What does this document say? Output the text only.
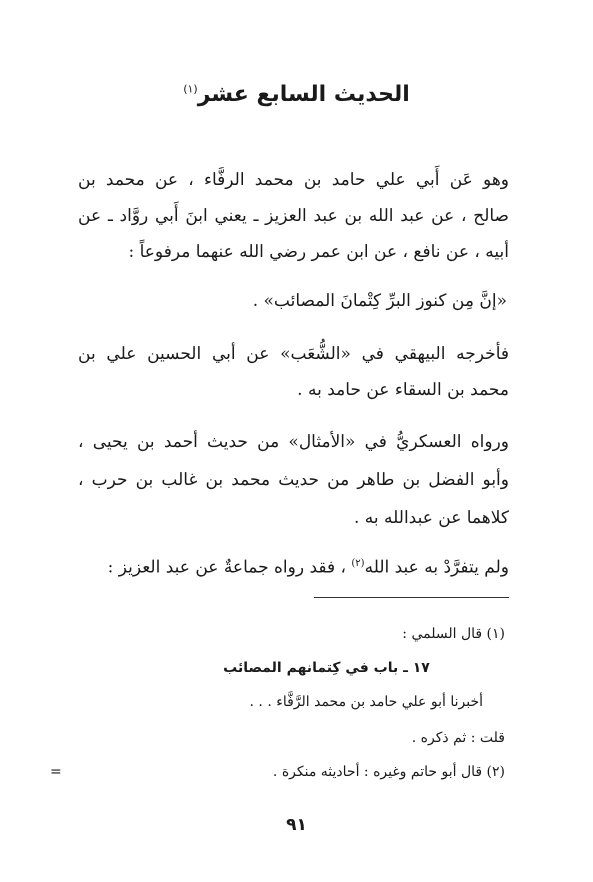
الحديث السابع عشر$^{(١)}$
وهو عَن أَبي علي حامد بن محمد الرفَّاء ، عن محمد بن
صالح ، عن عبد الله بن عبد العزيز ـ يعني ابنَ أَبي روَّاد ـ عن
أبيه ، عن نافع ، عن ابن عمر رضي الله عنهما مرفوعاً :
«إنَّ مِن كنوز البرِّ كِتْمانَ المصائب» .
فأخرجه البيهقي في «الشُّعَب» عن أبي الحسين علي بن
محمد بن السقاء عن حامد به .
ورواه العسكريُّ في «الأمثال» من حديث أحمد بن يحيى ،
وأبو الفضل بن طاهر من حديث محمد بن غالب بن حرب ،
كلاهما عن عبدالله به .
ولم يتفرَّدْ به عبد الله$^{(٢)}$ ، فقد رواه جماعةٌ عن عبد العزيز :
(١) قال السلمي :
١٧ ـ باب في كِتمانهم المصائب
أخبرنا أبو علي حامد بن محمد الرَّفَّاء . . .
قلت : ثم ذكره .
(٢) قال أبو حاتم وغيره : أحاديثه منكرة .
=
٩١
